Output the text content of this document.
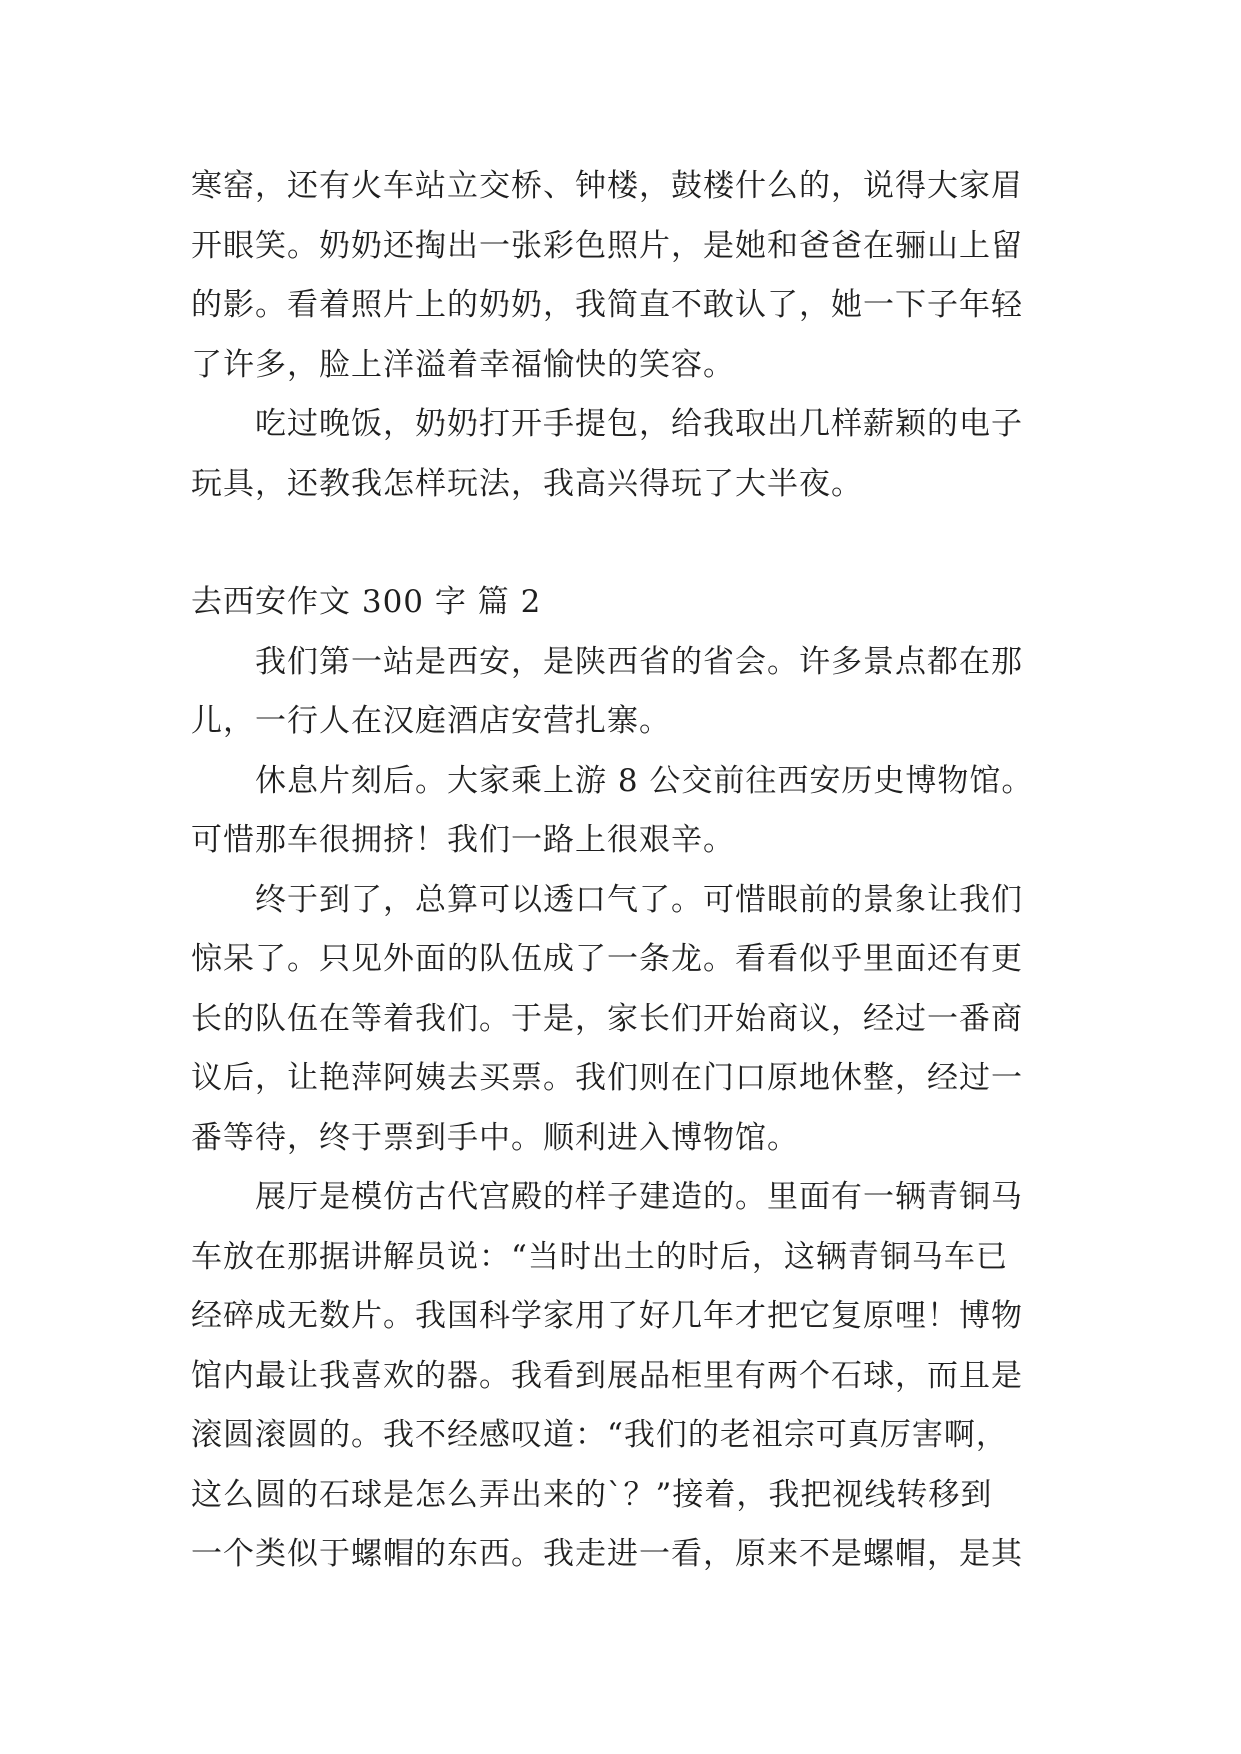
寒窑，还有火车站立交桥、钟楼，鼓楼什么的，说得大家眉
开眼笑。奶奶还掏出一张彩色照片，是她和爸爸在骊山上留
的影。看着照片上的奶奶，我简直不敢认了，她一下子年轻
了许多，脸上洋溢着幸福愉快的笑容。
吃过晚饭，奶奶打开手提包，给我取出几样薪颖的电子
玩具，还教我怎样玩法，我高兴得玩了大半夜。
去西安作文 300 字 篇 2
我们第一站是西安，是陕西省的省会。许多景点都在那
儿，一行人在汉庭酒店安营扎寨。
休息片刻后。大家乘上游 8 公交前往西安历史博物馆。
可惜那车很拥挤！我们一路上很艰辛。
终于到了，总算可以透口气了。可惜眼前的景象让我们
惊呆了。只见外面的队伍成了一条龙。看看似乎里面还有更
长的队伍在等着我们。于是，家长们开始商议，经过一番商
议后，让艳萍阿姨去买票。我们则在门口原地休整，经过一
番等待，终于票到手中。顺利进入博物馆。
展厅是模仿古代宫殿的样子建造的。里面有一辆青铜马
车放在那据讲解员说：“当时出土的时后，这辆青铜马车已
经碎成无数片。我国科学家用了好几年才把它复原哩！博物
馆内最让我喜欢的器。我看到展品柜里有两个石球，而且是
滚圆滚圆的。我不经感叹道：“我们的老祖宗可真厉害啊，
这么圆的石球是怎么弄出来的`？”接着，我把视线转移到
一个类似于螺帽的东西。我走进一看，原来不是螺帽，是其
